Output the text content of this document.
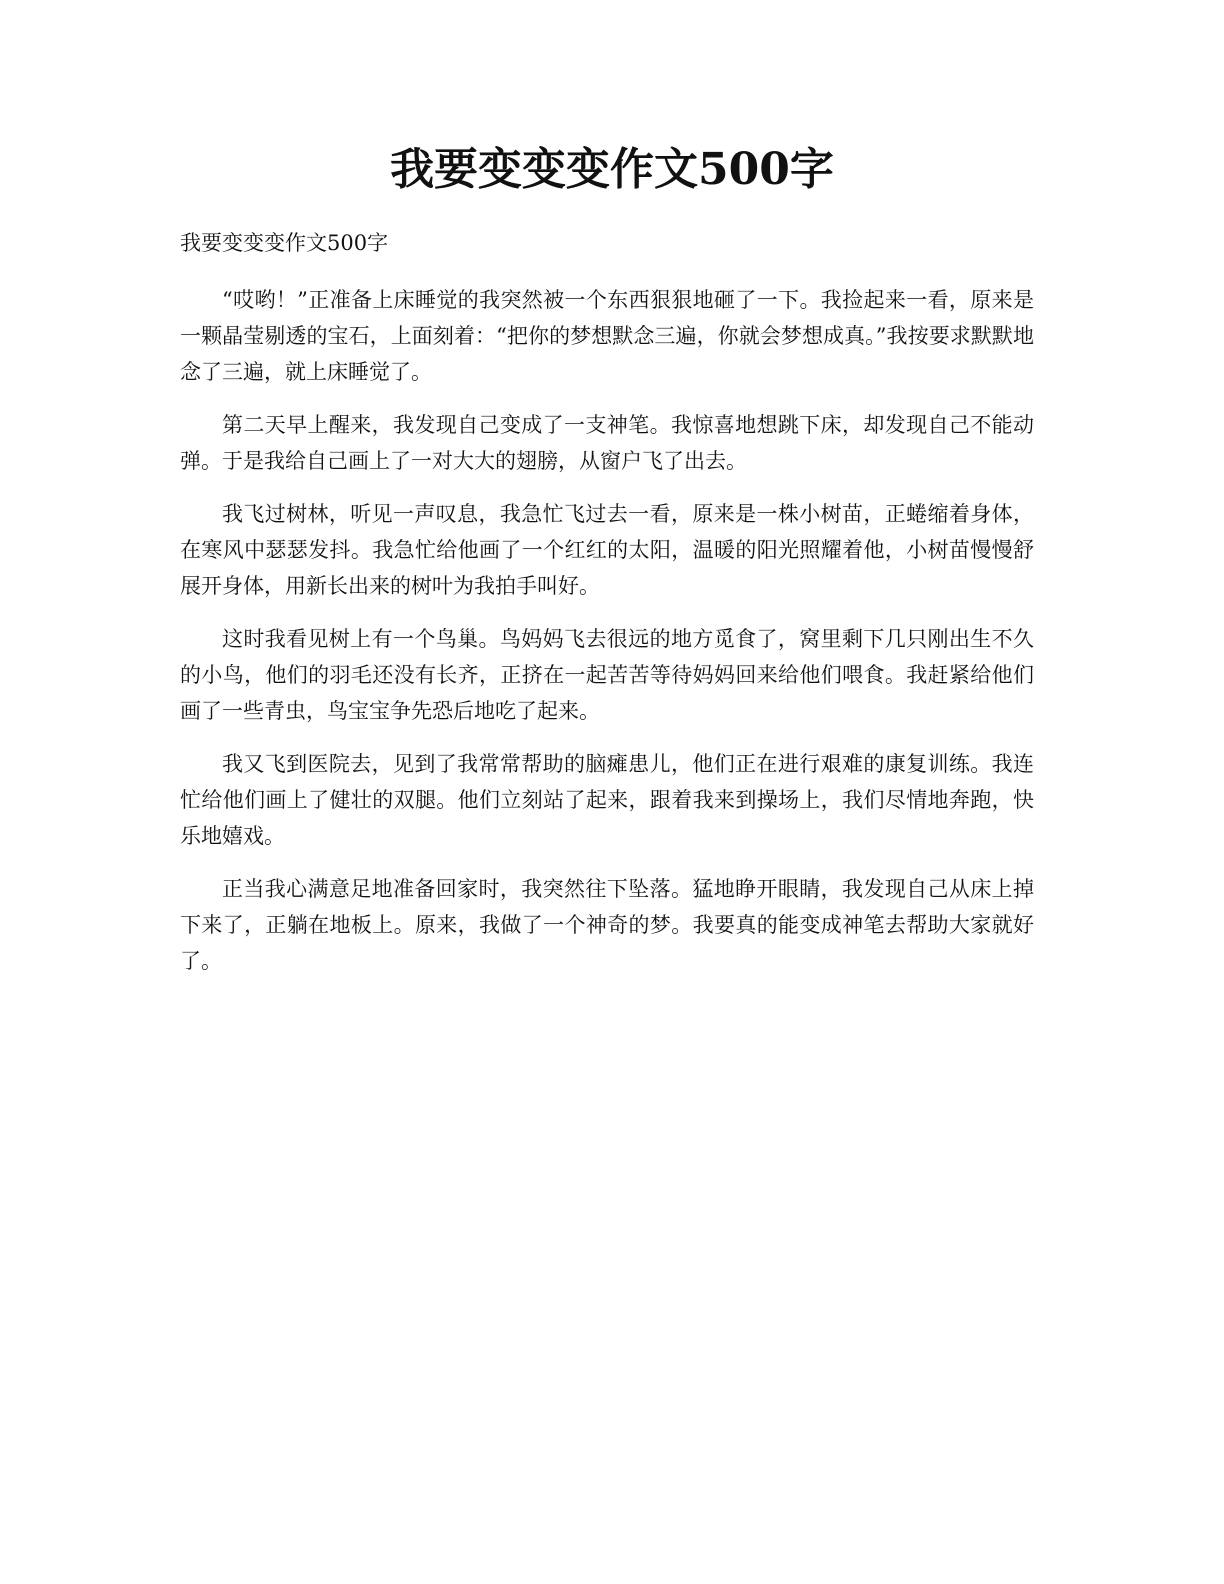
我要变变变作文500字

我要变变变作文500字

“哎哟！”正准备上床睡觉的我突然被一个东西狠狠地砸了一下。我捡起来一看，原来是一颗晶莹剔透的宝石，上面刻着：“把你的梦想默念三遍，你就会梦想成真。”我按要求默默地念了三遍，就上床睡觉了。

第二天早上醒来，我发现自己变成了一支神笔。我惊喜地想跳下床，却发现自己不能动弹。于是我给自己画上了一对大大的翅膀，从窗户飞了出去。

我飞过树林，听见一声叹息，我急忙飞过去一看，原来是一株小树苗，正蜷缩着身体，在寒风中瑟瑟发抖。我急忙给他画了一个红红的太阳，温暖的阳光照耀着他，小树苗慢慢舒展开身体，用新长出来的树叶为我拍手叫好。

这时我看见树上有一个鸟巢。鸟妈妈飞去很远的地方觅食了，窝里剩下几只刚出生不久的小鸟，他们的羽毛还没有长齐，正挤在一起苦苦等待妈妈回来给他们喂食。我赶紧给他们画了一些青虫，鸟宝宝争先恐后地吃了起来。

我又飞到医院去，见到了我常常帮助的脑瘫患儿，他们正在进行艰难的康复训练。我连忙给他们画上了健壮的双腿。他们立刻站了起来，跟着我来到操场上，我们尽情地奔跑，快乐地嬉戏。

正当我心满意足地准备回家时，我突然往下坠落。猛地睁开眼睛，我发现自己从床上掉下来了，正躺在地板上。原来，我做了一个神奇的梦。我要真的能变成神笔去帮助大家就好了。
